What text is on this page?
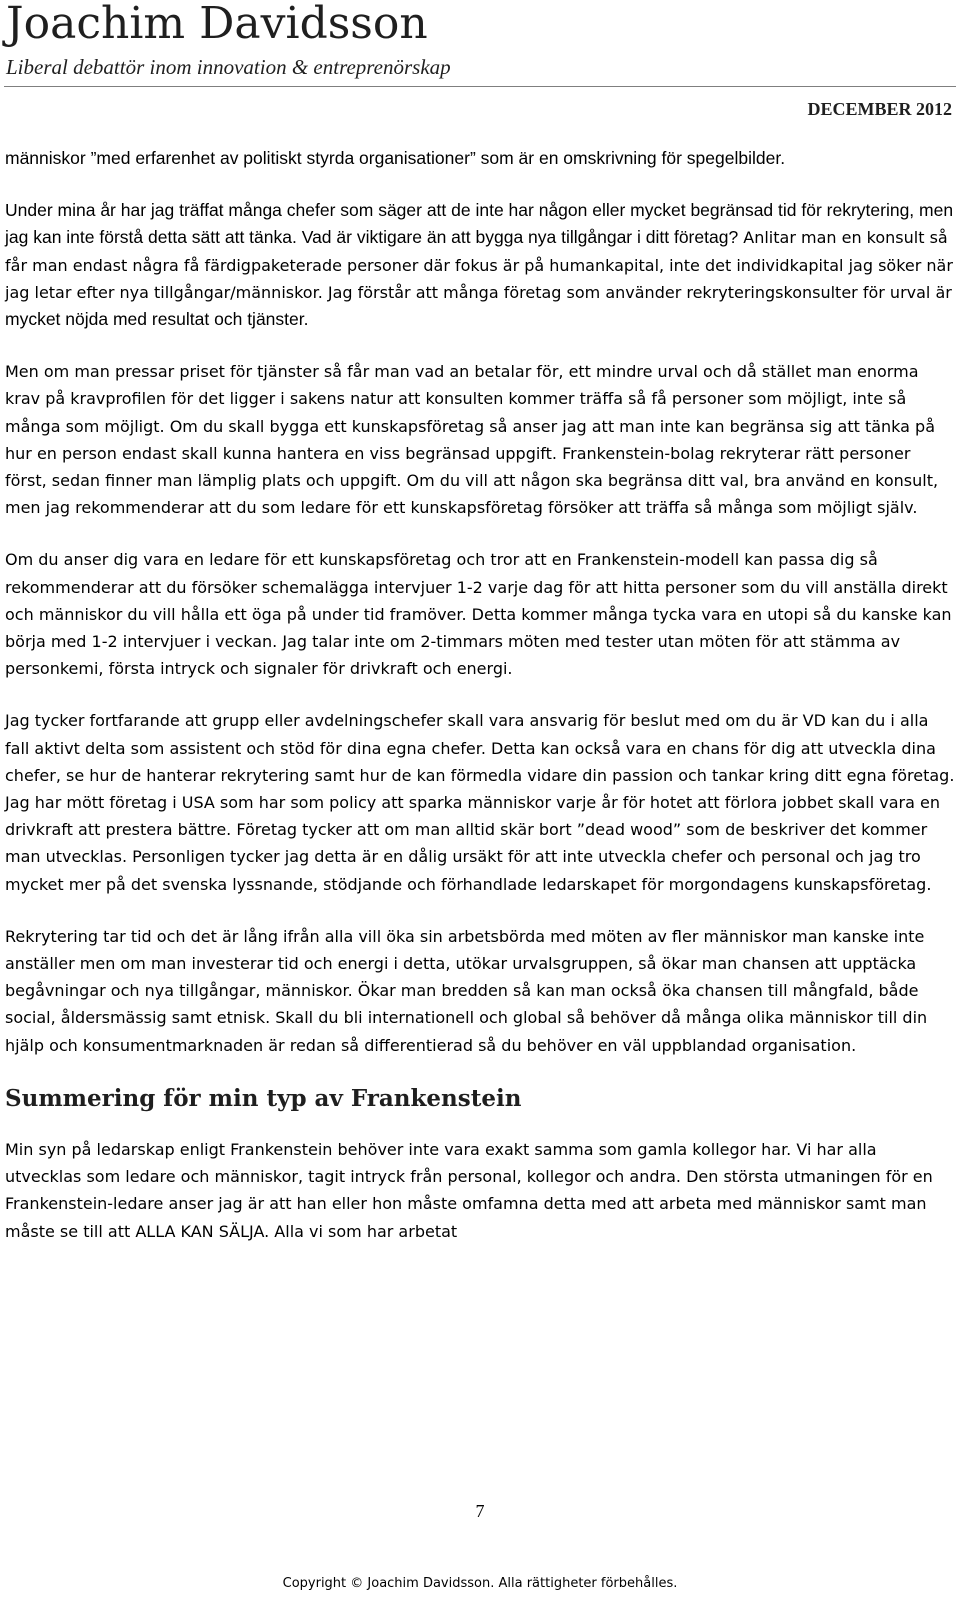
Joachim Davidsson
Liberal debattör inom innovation & entreprenörskap
DECEMBER 2012

människor ”med erfarenhet av politiskt styrda organisationer” som är en omskrivning för spegelbilder.

Under mina år har jag träffat många chefer som säger att de inte har någon eller mycket begränsad tid för rekrytering, men jag kan inte förstå detta sätt att tänka. Vad är viktigare än att bygga nya tillgångar i ditt företag? Anlitar man en konsult så får man endast några få färdigpaketerade personer där fokus är på humankapital, inte det individkapital jag söker när jag letar efter nya tillgångar/människor. Jag förstår att många företag som använder rekryteringskonsulter för urval är mycket nöjda med resultat och tjänster.

Men om man pressar priset för tjänster så får man vad an betalar för, ett mindre urval och då stället man enorma krav på kravprofilen för det ligger i sakens natur att konsulten kommer träffa så få personer som möjligt, inte så många som möjligt. Om du skall bygga ett kunskapsföretag så anser jag att man inte kan begränsa sig att tänka på hur en person endast skall kunna hantera en viss begränsad uppgift. Frankenstein-bolag rekryterar rätt personer först, sedan finner man lämplig plats och uppgift. Om du vill att någon ska begränsa ditt val, bra använd en konsult, men jag rekommenderar att du som ledare för ett kunskapsföretag försöker att träffa så många som möjligt själv.

Om du anser dig vara en ledare för ett kunskapsföretag och tror att en Frankenstein-modell kan passa dig så rekommenderar att du försöker schemalägga intervjuer 1-2 varje dag för att hitta personer som du vill anställa direkt och människor du vill hålla ett öga på under tid framöver. Detta kommer många tycka vara en utopi så du kanske kan börja med 1-2 intervjuer i veckan. Jag talar inte om 2-timmars möten med tester utan möten för att stämma av personkemi, första intryck och signaler för drivkraft och energi.

Jag tycker fortfarande att grupp eller avdelningschefer skall vara ansvarig för beslut med om du är VD kan du i alla fall aktivt delta som assistent och stöd för dina egna chefer. Detta kan också vara en chans för dig att utveckla dina chefer, se hur de hanterar rekrytering samt hur de kan förmedla vidare din passion och tankar kring ditt egna företag. Jag har mött företag i USA som har som policy att sparka människor varje år för hotet att förlora jobbet skall vara en drivkraft att prestera bättre. Företag tycker att om man alltid skär bort ”dead wood” som de beskriver det kommer man utvecklas. Personligen tycker jag detta är en dålig ursäkt för att inte utveckla chefer och personal och jag tro mycket mer på det svenska lyssnande, stödjande och förhandlade ledarskapet för morgondagens kunskapsföretag.

Rekrytering tar tid och det är lång ifrån alla vill öka sin arbetsbörda med möten av fler människor man kanske inte anställer men om man investerar tid och energi i detta, utökar urvalsgruppen, så ökar man chansen att upptäcka begåvningar och nya tillgångar, människor. Ökar man bredden så kan man också öka chansen till mångfald, både social, åldersmässig samt etnisk. Skall du bli internationell och global så behöver då många olika människor till din hjälp och konsumentmarknaden är redan så differentierad så du behöver en väl uppblandad organisation.

Summering för min typ av Frankenstein

Min syn på ledarskap enligt Frankenstein behöver inte vara exakt samma som gamla kollegor har. Vi har alla utvecklas som ledare och människor, tagit intryck från personal, kollegor och andra. Den största utmaningen för en Frankenstein-ledare anser jag är att han eller hon måste omfamna detta med att arbeta med människor samt man måste se till att ALLA KAN SÄLJA. Alla vi som har arbetat

7
Copyright © Joachim Davidsson. Alla rättigheter förbehålles.
